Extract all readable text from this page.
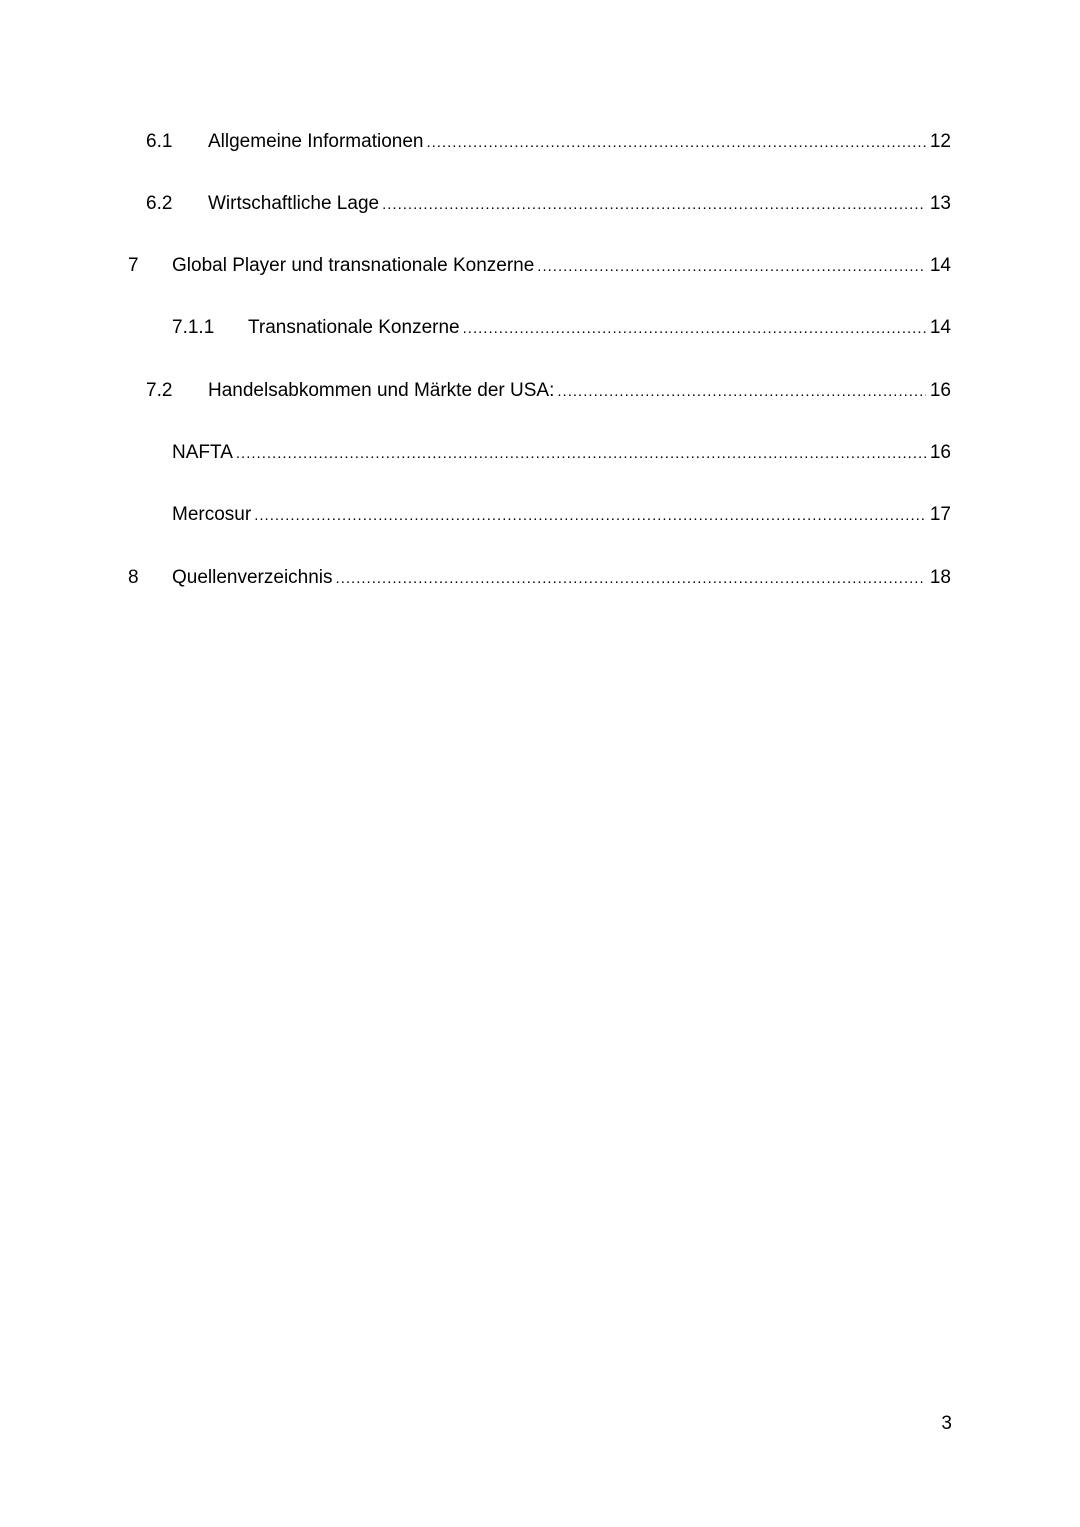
6.1 Allgemeine Informationen .....	12
6.2 Wirtschaftliche Lage .....	13
7 Global Player und transnationale Konzerne .....	14
7.1.1 Transnationale Konzerne .....	14
7.2 Handelsabkommen und Märkte der USA: .....	16
NAFTA .....	16
Mercosur .....	17
8 Quellenverzeichnis .....	18
3
